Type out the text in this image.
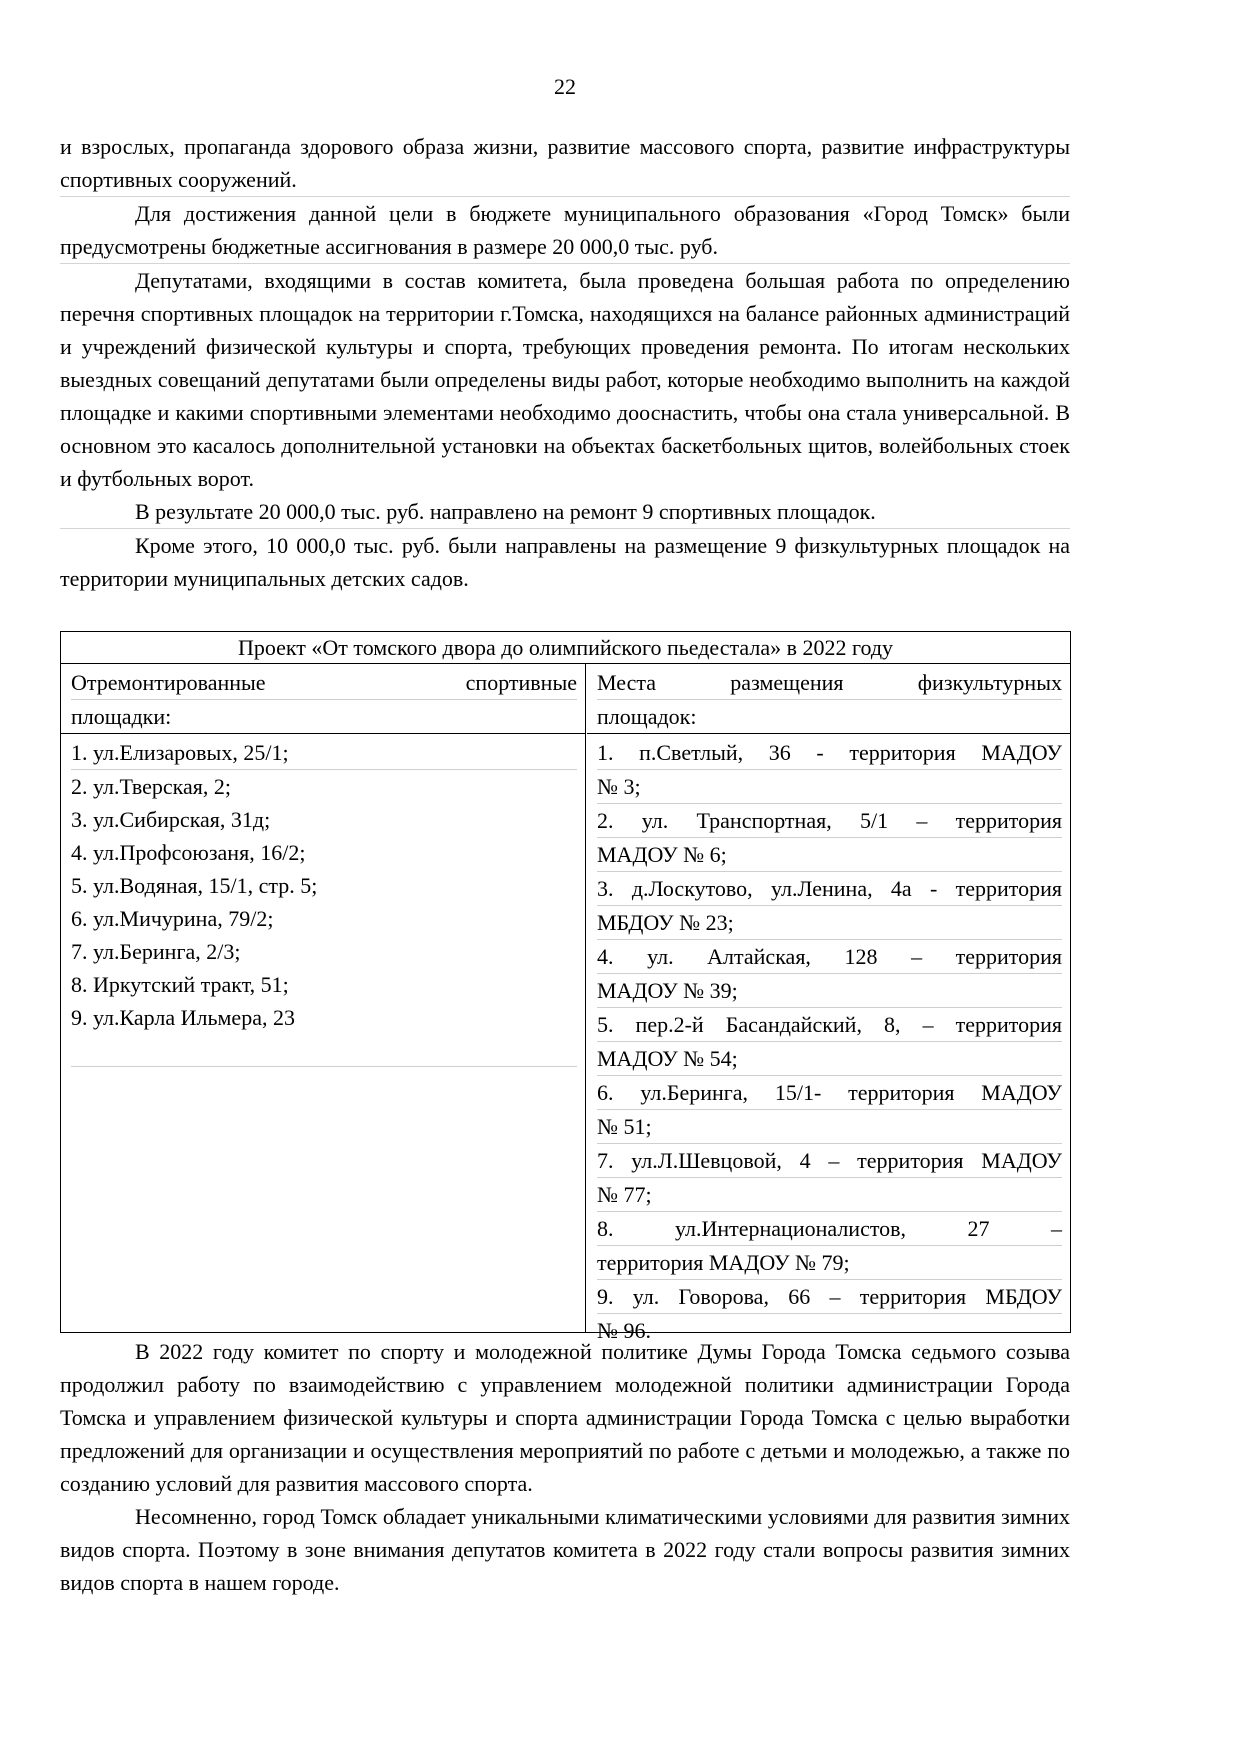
22

и взрослых, пропаганда здорового образа жизни, развитие массового спорта, развитие инфраструктуры спортивных сооружений.

Для достижения данной цели в бюджете муниципального образования «Город Томск» были предусмотрены бюджетные ассигнования в размере 20 000,0 тыс. руб.

Депутатами, входящими в состав комитета, была проведена большая работа по определению перечня спортивных площадок на территории г.Томска, находящихся на балансе районных администраций и учреждений физической культуры и спорта, требующих проведения ремонта. По итогам нескольких выездных совещаний депутатами были определены виды работ, которые необходимо выполнить на каждой площадке и какими спортивными элементами необходимо дооснастить, чтобы она стала универсальной. В основном это касалось дополнительной установки на объектах баскетбольных щитов, волейбольных стоек и футбольных ворот.

В результате 20 000,0 тыс. руб. направлено на ремонт 9 спортивных площадок.

Кроме этого, 10 000,0 тыс. руб. были направлены на размещение 9 физкультурных площадок на территории муниципальных детских садов.

Проект «От томского двора до олимпийского пьедестала» в 2022 году
Отремонтированные спортивные
площадки:
1. ул.Елизаровых, 25/1;
2. ул.Тверская, 2;
3. ул.Сибирская, 31д;
4. ул.Профсоюзаня, 16/2;
5. ул.Водяная, 15/1, стр. 5;
6. ул.Мичурина, 79/2;
7. ул.Беринга, 2/3;
8. Иркутский тракт, 51;
9. ул.Карла Ильмера, 23
Места размещения физкультурных
площадок:
1. п.Светлый, 36 - территория МАДОУ
№ 3;
2. ул. Транспортная, 5/1 – территория
МАДОУ № 6;
3. д.Лоскутово, ул.Ленина, 4а - территория
МБДОУ № 23;
4. ул. Алтайская, 128 – территория
МАДОУ № 39;
5. пер.2-й Басандайский, 8, – территория
МАДОУ № 54;
6. ул.Беринга, 15/1- территория МАДОУ
№ 51;
7. ул.Л.Шевцовой, 4 – территория МАДОУ
№ 77;
8. ул.Интернационалистов, 27 –
территория МАДОУ № 79;
9. ул. Говорова, 66 – территория МБДОУ
№ 96.

В 2022 году комитет по спорту и молодежной политике Думы Города Томска седьмого созыва продолжил работу по взаимодействию с управлением молодежной политики администрации Города Томска и управлением физической культуры и спорта администрации Города Томска с целью выработки предложений для организации и осуществления мероприятий по работе с детьми и молодежью, а также по созданию условий для развития массового спорта.

Несомненно, город Томск обладает уникальными климатическими условиями для развития зимних видов спорта. Поэтому в зоне внимания депутатов комитета в 2022 году стали вопросы развития зимних видов спорта в нашем городе.
